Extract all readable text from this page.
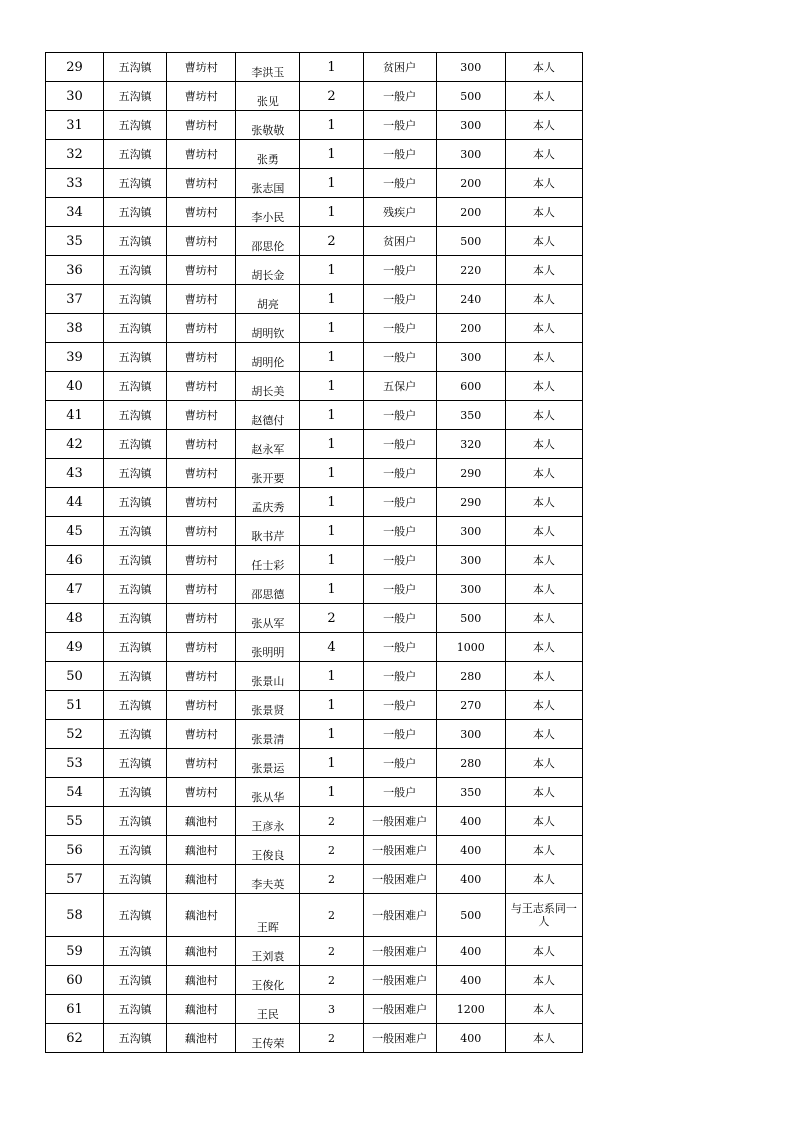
29	五沟镇	曹坊村	李洪玉	1	贫困户	300	本人
30	五沟镇	曹坊村	张见	2	一般户	500	本人
31	五沟镇	曹坊村	张敬敬	1	一般户	300	本人
32	五沟镇	曹坊村	张勇	1	一般户	300	本人
33	五沟镇	曹坊村	张志国	1	一般户	200	本人
34	五沟镇	曹坊村	李小民	1	残疾户	200	本人
35	五沟镇	曹坊村	邵思伦	2	贫困户	500	本人
36	五沟镇	曹坊村	胡长金	1	一般户	220	本人
37	五沟镇	曹坊村	胡亮	1	一般户	240	本人
38	五沟镇	曹坊村	胡明钦	1	一般户	200	本人
39	五沟镇	曹坊村	胡明伦	1	一般户	300	本人
40	五沟镇	曹坊村	胡长美	1	五保户	600	本人
41	五沟镇	曹坊村	赵德付	1	一般户	350	本人
42	五沟镇	曹坊村	赵永军	1	一般户	320	本人
43	五沟镇	曹坊村	张开要	1	一般户	290	本人
44	五沟镇	曹坊村	孟庆秀	1	一般户	290	本人
45	五沟镇	曹坊村	耿书芹	1	一般户	300	本人
46	五沟镇	曹坊村	任士彩	1	一般户	300	本人
47	五沟镇	曹坊村	邵思德	1	一般户	300	本人
48	五沟镇	曹坊村	张从军	2	一般户	500	本人
49	五沟镇	曹坊村	张明明	4	一般户	1000	本人
50	五沟镇	曹坊村	张景山	1	一般户	280	本人
51	五沟镇	曹坊村	张景贤	1	一般户	270	本人
52	五沟镇	曹坊村	张景清	1	一般户	300	本人
53	五沟镇	曹坊村	张景运	1	一般户	280	本人
54	五沟镇	曹坊村	张从华	1	一般户	350	本人
55	五沟镇	藕池村	王彦永	2	一般困难户	400	本人
56	五沟镇	藕池村	王俊良	2	一般困难户	400	本人
57	五沟镇	藕池村	李夫英	2	一般困难户	400	本人
58	五沟镇	藕池村	王晖	2	一般困难户	500	与王志系同一人
59	五沟镇	藕池村	王刘袁	2	一般困难户	400	本人
60	五沟镇	藕池村	王俊化	2	一般困难户	400	本人
61	五沟镇	藕池村	王民	3	一般困难户	1200	本人
62	五沟镇	藕池村	王传荣	2	一般困难户	400	本人
